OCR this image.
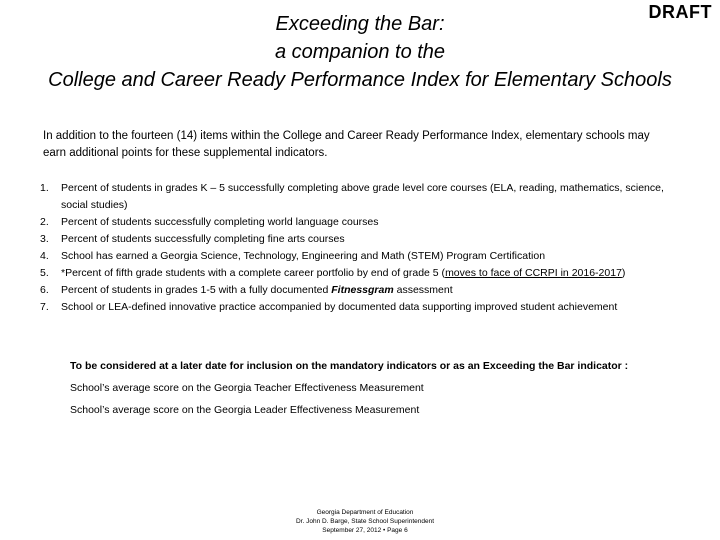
DRAFT
Exceeding the Bar:
a companion to the
College and Career Ready Performance Index for Elementary Schools
In addition to the fourteen (14) items within the College and Career Ready Performance Index, elementary schools may earn additional points for these supplemental indicators.
1. Percent of students in grades K – 5 successfully completing above grade level core courses (ELA, reading, mathematics, science, social studies)
2. Percent of students successfully completing world language courses
3. Percent of students successfully completing fine arts courses
4. School has earned a Georgia Science, Technology, Engineering and Math (STEM) Program Certification
5. *Percent of fifth grade students with a complete career portfolio by end of grade 5 (moves to face of CCRPI in 2016-2017)
6. Percent of students in grades 1-5 with a fully documented Fitnessgram assessment
7. School or LEA-defined innovative practice accompanied by documented data supporting improved student achievement
To be considered at a later date for inclusion on the mandatory indicators or as an Exceeding the Bar indicator :
School’s average score on the Georgia Teacher Effectiveness Measurement
School’s average score on the Georgia Leader Effectiveness Measurement
Georgia Department of Education
Dr. John D. Barge, State School Superintendent
September 27, 2012 • Page 6
